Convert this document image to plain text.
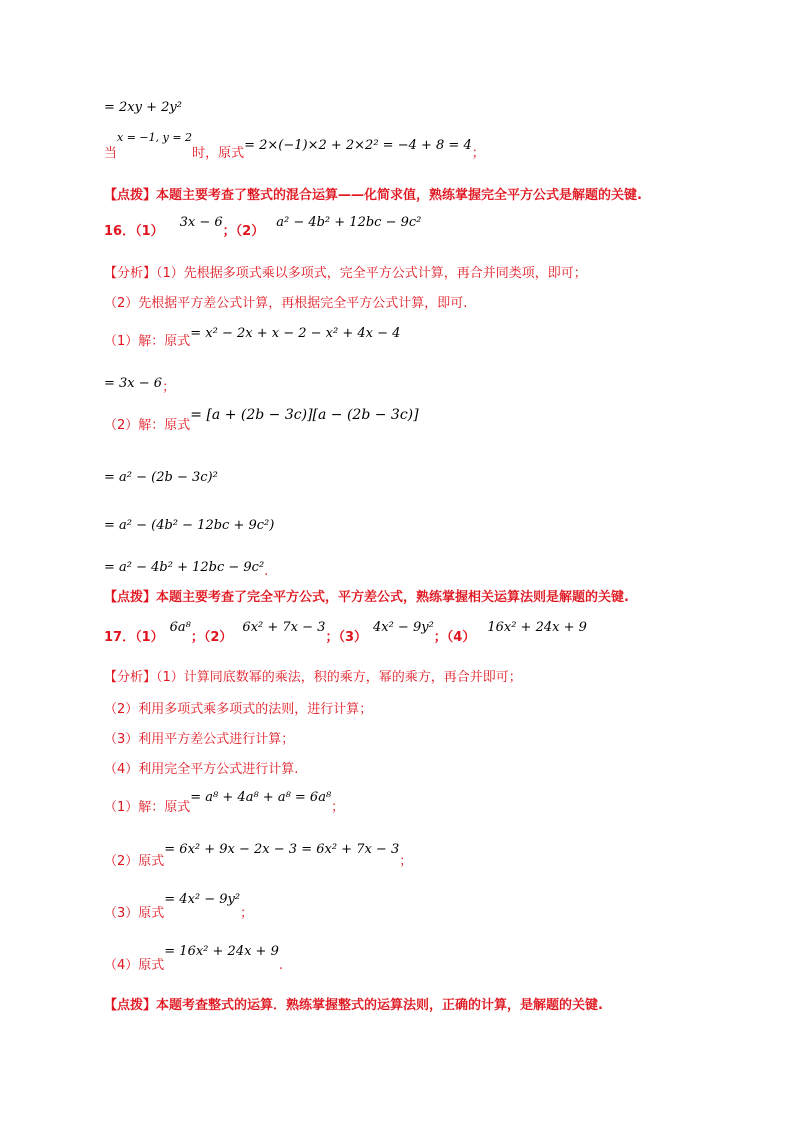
= 2xy + 2y²
$_当^{x = -1, y = 2}_{时,原式}= 2\times(-1)\times 2 + 2\times 2^2 = -4 + 8 = 4_;$
【点拨】本题主要考查了整式的混合运算——化简求值，熟练掌握完全平方公式是解题的关键.
$_{16.(1)}3x - 6_{;(2)}a^2 - 4b^2 + 12bc - 9c^2$
【分析】（1）先根据多项式乘以多项式，完全平方公式计算，再合并同类项，即可；
（2）先根据平方差公式计算，再根据完全平方公式计算，即可.
$_{(1)解:原式}$= x² − 2x + x − 2 − x² + 4x − 4
= $3x - 6_;$
$_{(2)解:原式}$= [a + (2b − 3c)][a − (2b − 3c)]
= a² − (2b − 3c)²
= a² − (4b² − 12bc + 9c²)
= $a^2 - 4b^2 + 12bc - 9c^2_.$
【点拨】本题主要考查了完全平方公式，平方差公式，熟练掌握相关运算法则是解题的关键.
$_{17.(1)}6a^8_{;(2)}6x^2 + 7x - 3_{;(3)}4x^2 - 9y^2_{;(4)}16x^2 + 24x + 9$
【分析】（1）计算同底数幂的乘法，积的乘方，幂的乘方，再合并即可；
（2）利用多项式乘多项式的法则，进行计算；
（3）利用平方差公式进行计算；
（4）利用完全平方公式进行计算.
$_{(1)解:原式}= a^8 + 4a^8 + a^8 = 6a^8_;$
$_{(2)原式}= 6x^2 + 9x - 2x - 3 = 6x^2 + 7x - 3_;$
$_{(3)原式}= 4x^2 - 9y^2_;$
$_{(4)原式}= 16x^2 + 24x + 9_.$
【点拨】本题考查整式的运算．熟练掌握整式的运算法则，正确的计算，是解题的关键.
